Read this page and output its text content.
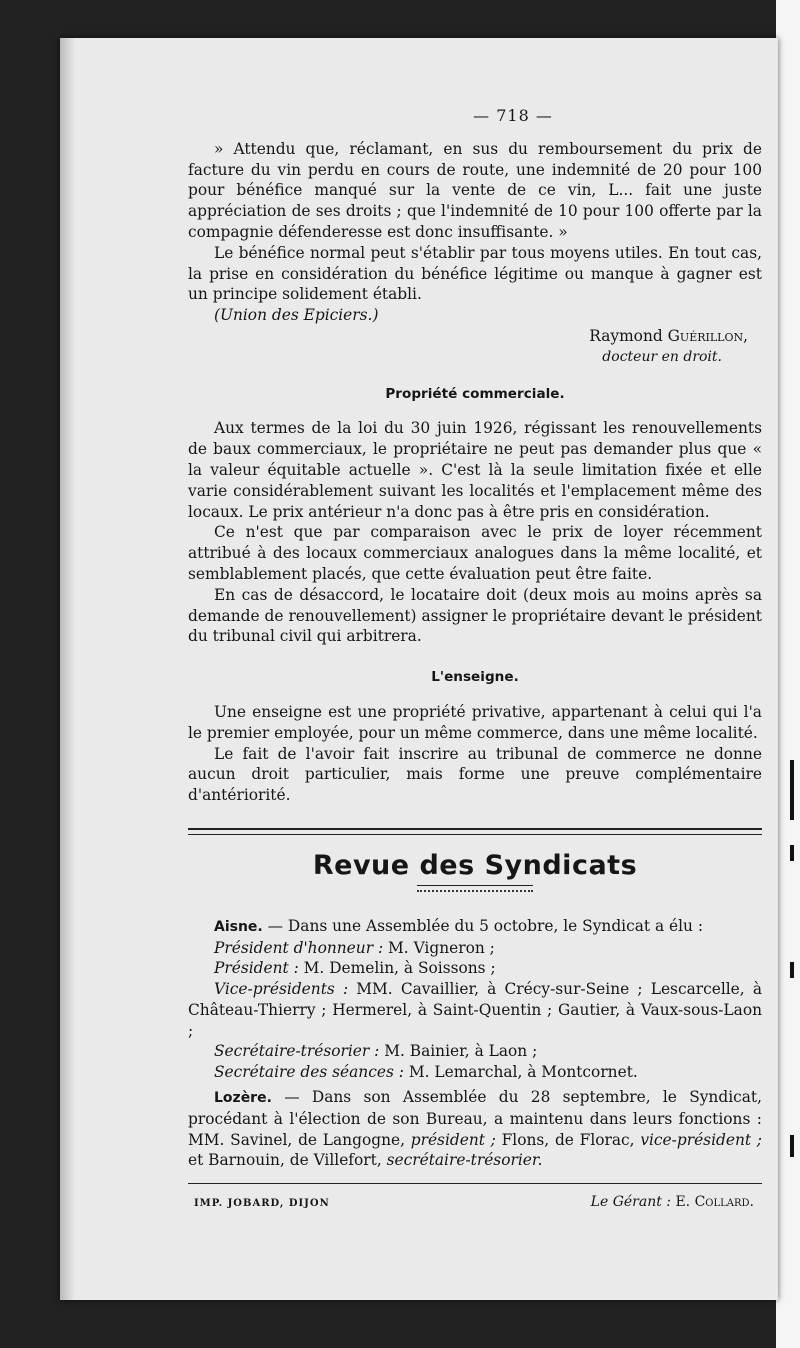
— 718 —

» Attendu que, réclamant, en sus du remboursement du prix de facture du vin perdu en cours de route, une indemnité de 20 pour 100 pour bénéfice manqué sur la vente de ce vin, L... fait une juste appréciation de ses droits ; que l'indemnité de 10 pour 100 offerte par la compagnie défenderesse est donc insuffisante. »

Le bénéfice normal peut s'établir par tous moyens utiles. En tout cas, la prise en considération du bénéfice légitime ou manque à gagner est un principe solidement établi.

(Union des Epiciers.)

Raymond Guérillon,

docteur en droit.

Propriété commerciale.

Aux termes de la loi du 30 juin 1926, régissant les renouvellements de baux commerciaux, le propriétaire ne peut pas demander plus que « la valeur équitable actuelle ». C'est là la seule limitation fixée et elle varie considérablement suivant les localités et l'emplacement même des locaux. Le prix antérieur n'a donc pas à être pris en considération.

Ce n'est que par comparaison avec le prix de loyer récemment attribué à des locaux commerciaux analogues dans la même localité, et semblablement placés, que cette évaluation peut être faite.

En cas de désaccord, le locataire doit (deux mois au moins après sa demande de renouvellement) assigner le propriétaire devant le président du tribunal civil qui arbitrera.

L'enseigne.

Une enseigne est une propriété privative, appartenant à celui qui l'a le premier employée, pour un même commerce, dans une même localité.

Le fait de l'avoir fait inscrire au tribunal de commerce ne donne aucun droit particulier, mais forme une preuve complémentaire d'antériorité.

Revue des Syndicats

Aisne. — Dans une Assemblée du 5 octobre, le Syndicat a élu :

Président d'honneur : M. Vigneron ;

Président : M. Demelin, à Soissons ;

Vice-présidents : MM. Cavaillier, à Crécy-sur-Seine ; Lescarcelle, à Château-Thierry ; Hermerel, à Saint-Quentin ; Gautier, à Vaux-sous-Laon ;

Secrétaire-trésorier : M. Bainier, à Laon ;

Secrétaire des séances : M. Lemarchal, à Montcornet.

Lozère. — Dans son Assemblée du 28 septembre, le Syndicat, procédant à l'élection de son Bureau, a maintenu dans leurs fonctions : MM. Savinel, de Langogne, président ; Flons, de Florac, vice-président ; et Barnouin, de Villefort, secrétaire-trésorier.

IMP. JOBARD, DIJON	Le Gérant : E. Collard.
